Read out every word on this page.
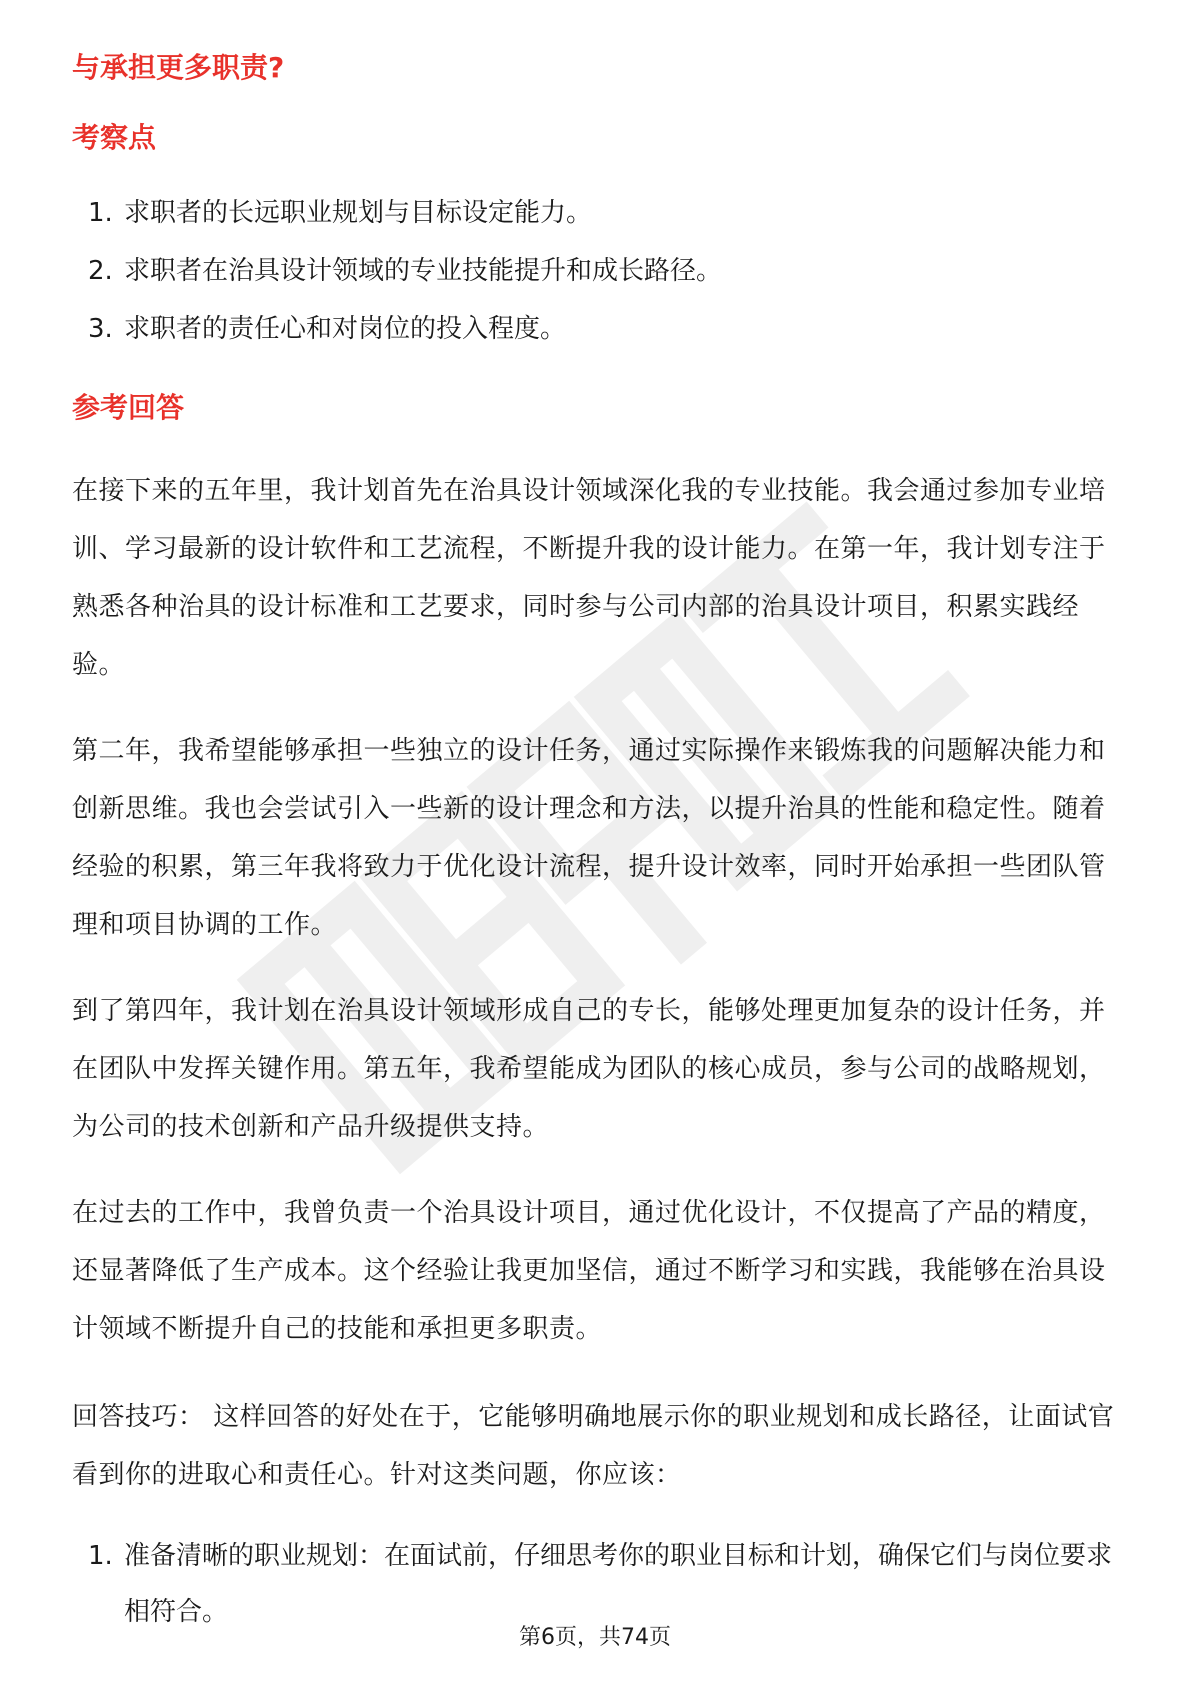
与承担更多职责?
考察点
1. 求职者的长远职业规划与目标设定能力。
2. 求职者在治具设计领域的专业技能提升和成长路径。
3. 求职者的责任心和对岗位的投入程度。
参考回答

在接下来的五年里，我计划首先在治具设计领域深化我的专业技能。我会通过参加专业培训、学习最新的设计软件和工艺流程，不断提升我的设计能力。在第一年，我计划专注于熟悉各种治具的设计标准和工艺要求，同时参与公司内部的治具设计项目，积累实践经验。

第二年，我希望能够承担一些独立的设计任务，通过实际操作来锻炼我的问题解决能力和创新思维。我也会尝试引入一些新的设计理念和方法，以提升治具的性能和稳定性。随着经验的积累，第三年我将致力于优化设计流程，提升设计效率，同时开始承担一些团队管理和项目协调的工作。

到了第四年，我计划在治具设计领域形成自己的专长，能够处理更加复杂的设计任务，并在团队中发挥关键作用。第五年，我希望能成为团队的核心成员，参与公司的战略规划，为公司的技术创新和产品升级提供支持。

在过去的工作中，我曾负责一个治具设计项目，通过优化设计，不仅提高了产品的精度，还显著降低了生产成本。这个经验让我更加坚信，通过不断学习和实践，我能够在治具设计领域不断提升自己的技能和承担更多职责。

回答技巧： 这样回答的好处在于，它能够明确地展示你的职业规划和成长路径，让面试官看到你的进取心和责任心。针对这类问题，你应该：

1. 准备清晰的职业规划：在面试前，仔细思考你的职业目标和计划，确保它们与岗位要求相符合。
第6页，共74页
